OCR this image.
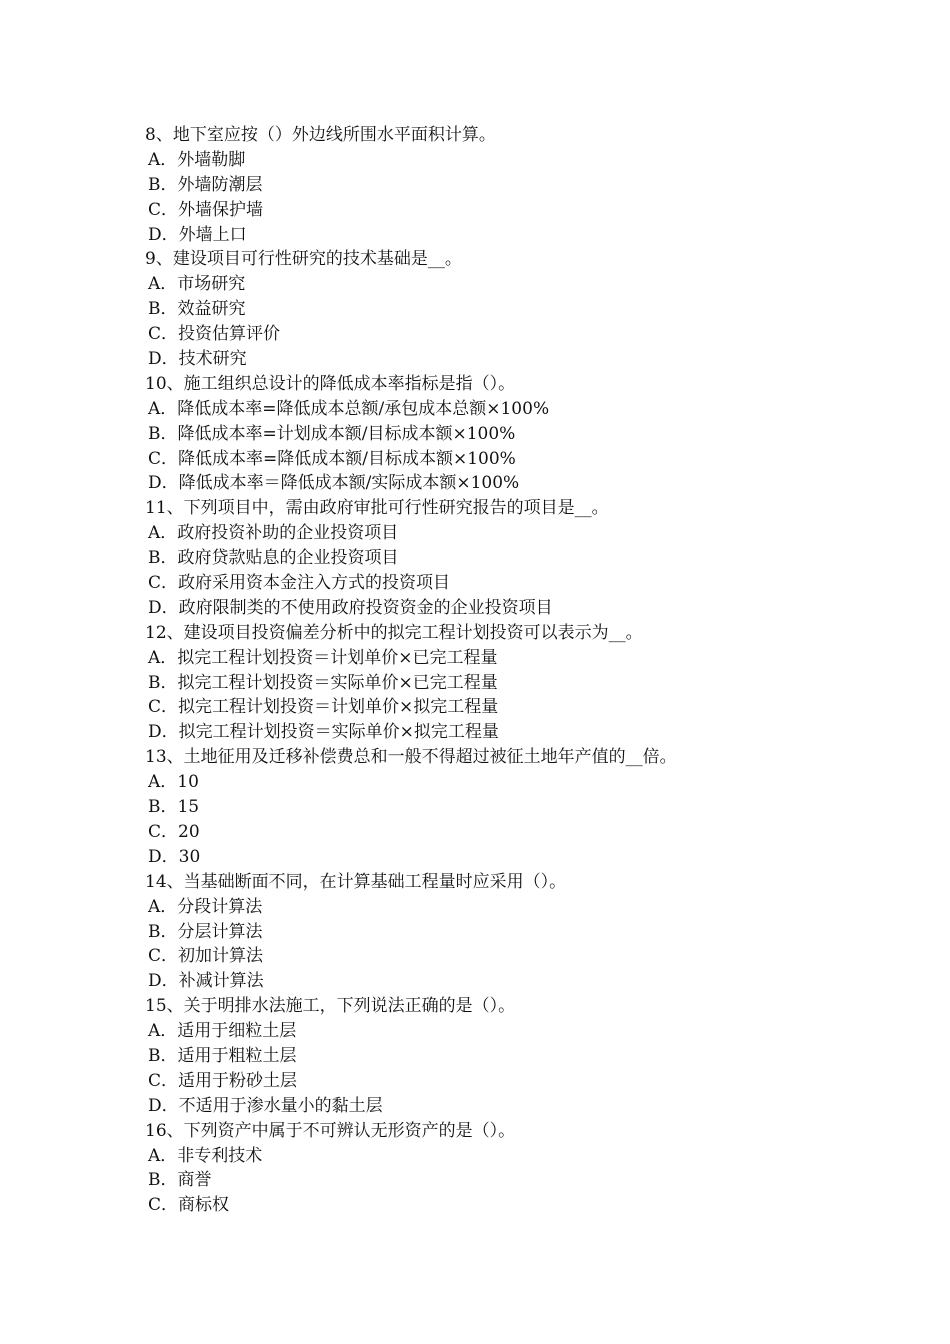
8、地下室应按（）外边线所围水平面积计算。
A．外墙勒脚
B．外墙防潮层
C．外墙保护墙
D．外墙上口
9、建设项目可行性研究的技术基础是__。
A．市场研究
B．效益研究
C．投资估算评价
D．技术研究
10、施工组织总设计的降低成本率指标是指（）。
A．降低成本率=降低成本总额/承包成本总额×100%
B．降低成本率=计划成本额/目标成本额×100%
C．降低成本率=降低成本额/目标成本额×100%
D．降低成本率＝降低成本额/实际成本额×100%
11、下列项目中，需由政府审批可行性研究报告的项目是__。
A．政府投资补助的企业投资项目
B．政府贷款贴息的企业投资项目
C．政府采用资本金注入方式的投资项目
D．政府限制类的不使用政府投资资金的企业投资项目
12、建设项目投资偏差分析中的拟完工程计划投资可以表示为__。
A．拟完工程计划投资＝计划单价×已完工程量
B．拟完工程计划投资＝实际单价×已完工程量
C．拟完工程计划投资＝计划单价×拟完工程量
D．拟完工程计划投资＝实际单价×拟完工程量
13、土地征用及迁移补偿费总和一般不得超过被征土地年产值的__倍。
A．10
B．15
C．20
D．30
14、当基础断面不同，在计算基础工程量时应采用（）。
A．分段计算法
B．分层计算法
C．初加计算法
D．补减计算法
15、关于明排水法施工，下列说法正确的是（）。
A．适用于细粒土层
B．适用于粗粒土层
C．适用于粉砂土层
D．不适用于渗水量小的黏土层
16、下列资产中属于不可辨认无形资产的是（）。
A．非专利技术
B．商誉
C．商标权
